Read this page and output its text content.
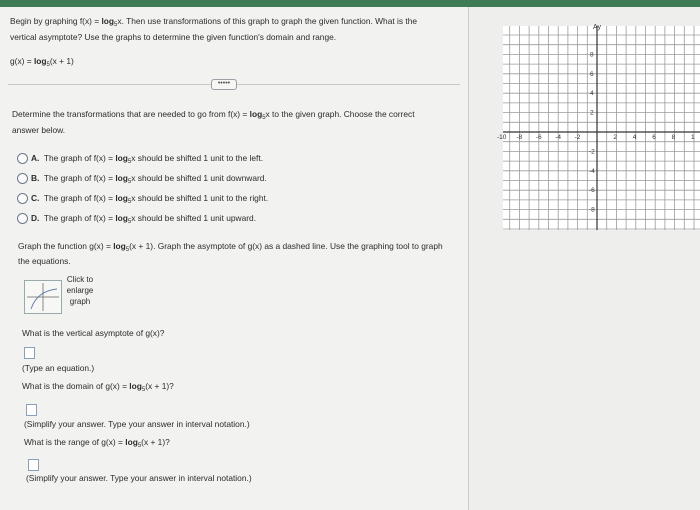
Begin by graphing $f(x) = \log_5x$. Then use transformations of this graph to graph the given function. What is the
vertical asymptote? Use the graphs to determine the given function's domain and range.
$g(x) = \log_5(x + 1)$
•••••
Determine the transformations that are needed to go from $f(x) = \log_5x$ to the given graph. Choose the correct
answer below.
A. The graph of $f(x) = \log_5x$ should be shifted 1 unit to the left.
B. The graph of $f(x) = \log_5x$ should be shifted 1 unit downward.
C. The graph of $f(x) = \log_5x$ should be shifted 1 unit to the right.
D. The graph of $f(x) = \log_5x$ should be shifted 1 unit upward.
Graph the function $g(x) = \log_5(x + 1)$. Graph the asymptote of g(x) as a dashed line. Use the graphing tool to graph
the equations.
Click to enlarge graph
What is the vertical asymptote of g(x)?
(Type an equation.)
What is the domain of $g(x) = \log_5(x + 1)$?
(Simplify your answer. Type your answer in interval notation.)
What is the range of $g(x) = \log_5(x + 1)$?
(Simplify your answer. Type your answer in interval notation.)
Ay
-10 -8 -6 -4 -2	2 4 6 8 1
8
6
4
2
-2
-4
-6
-8
